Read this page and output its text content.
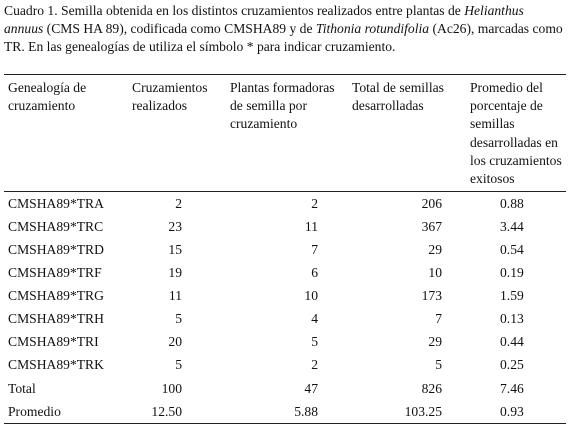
Cuadro 1. Semilla obtenida en los distintos cruzamientos realizados entre plantas de Helianthus annuus (CMS HA 89), codificada como CMSHA89 y de Tithonia rotundifolia (Ac26), marcadas como TR. En las genealogías de utiliza el símbolo * para indicar cruzamiento.
Genealogía de cruzamiento	Cruzamientos realizados	Plantas formadoras de semilla por cruzamiento	Total de semillas desarrolladas	Promedio del porcentaje de semillas desarrolladas en los cruzamientos exitosos
CMSHA89*TRA	2	2	206	0.88
CMSHA89*TRC	23	11	367	3.44
CMSHA89*TRD	15	7	29	0.54
CMSHA89*TRF	19	6	10	0.19
CMSHA89*TRG	11	10	173	1.59
CMSHA89*TRH	5	4	7	0.13
CMSHA89*TRI	20	5	29	0.44
CMSHA89*TRK	5	2	5	0.25
Total	100	47	826	7.46
Promedio	12.50	5.88	103.25	0.93
